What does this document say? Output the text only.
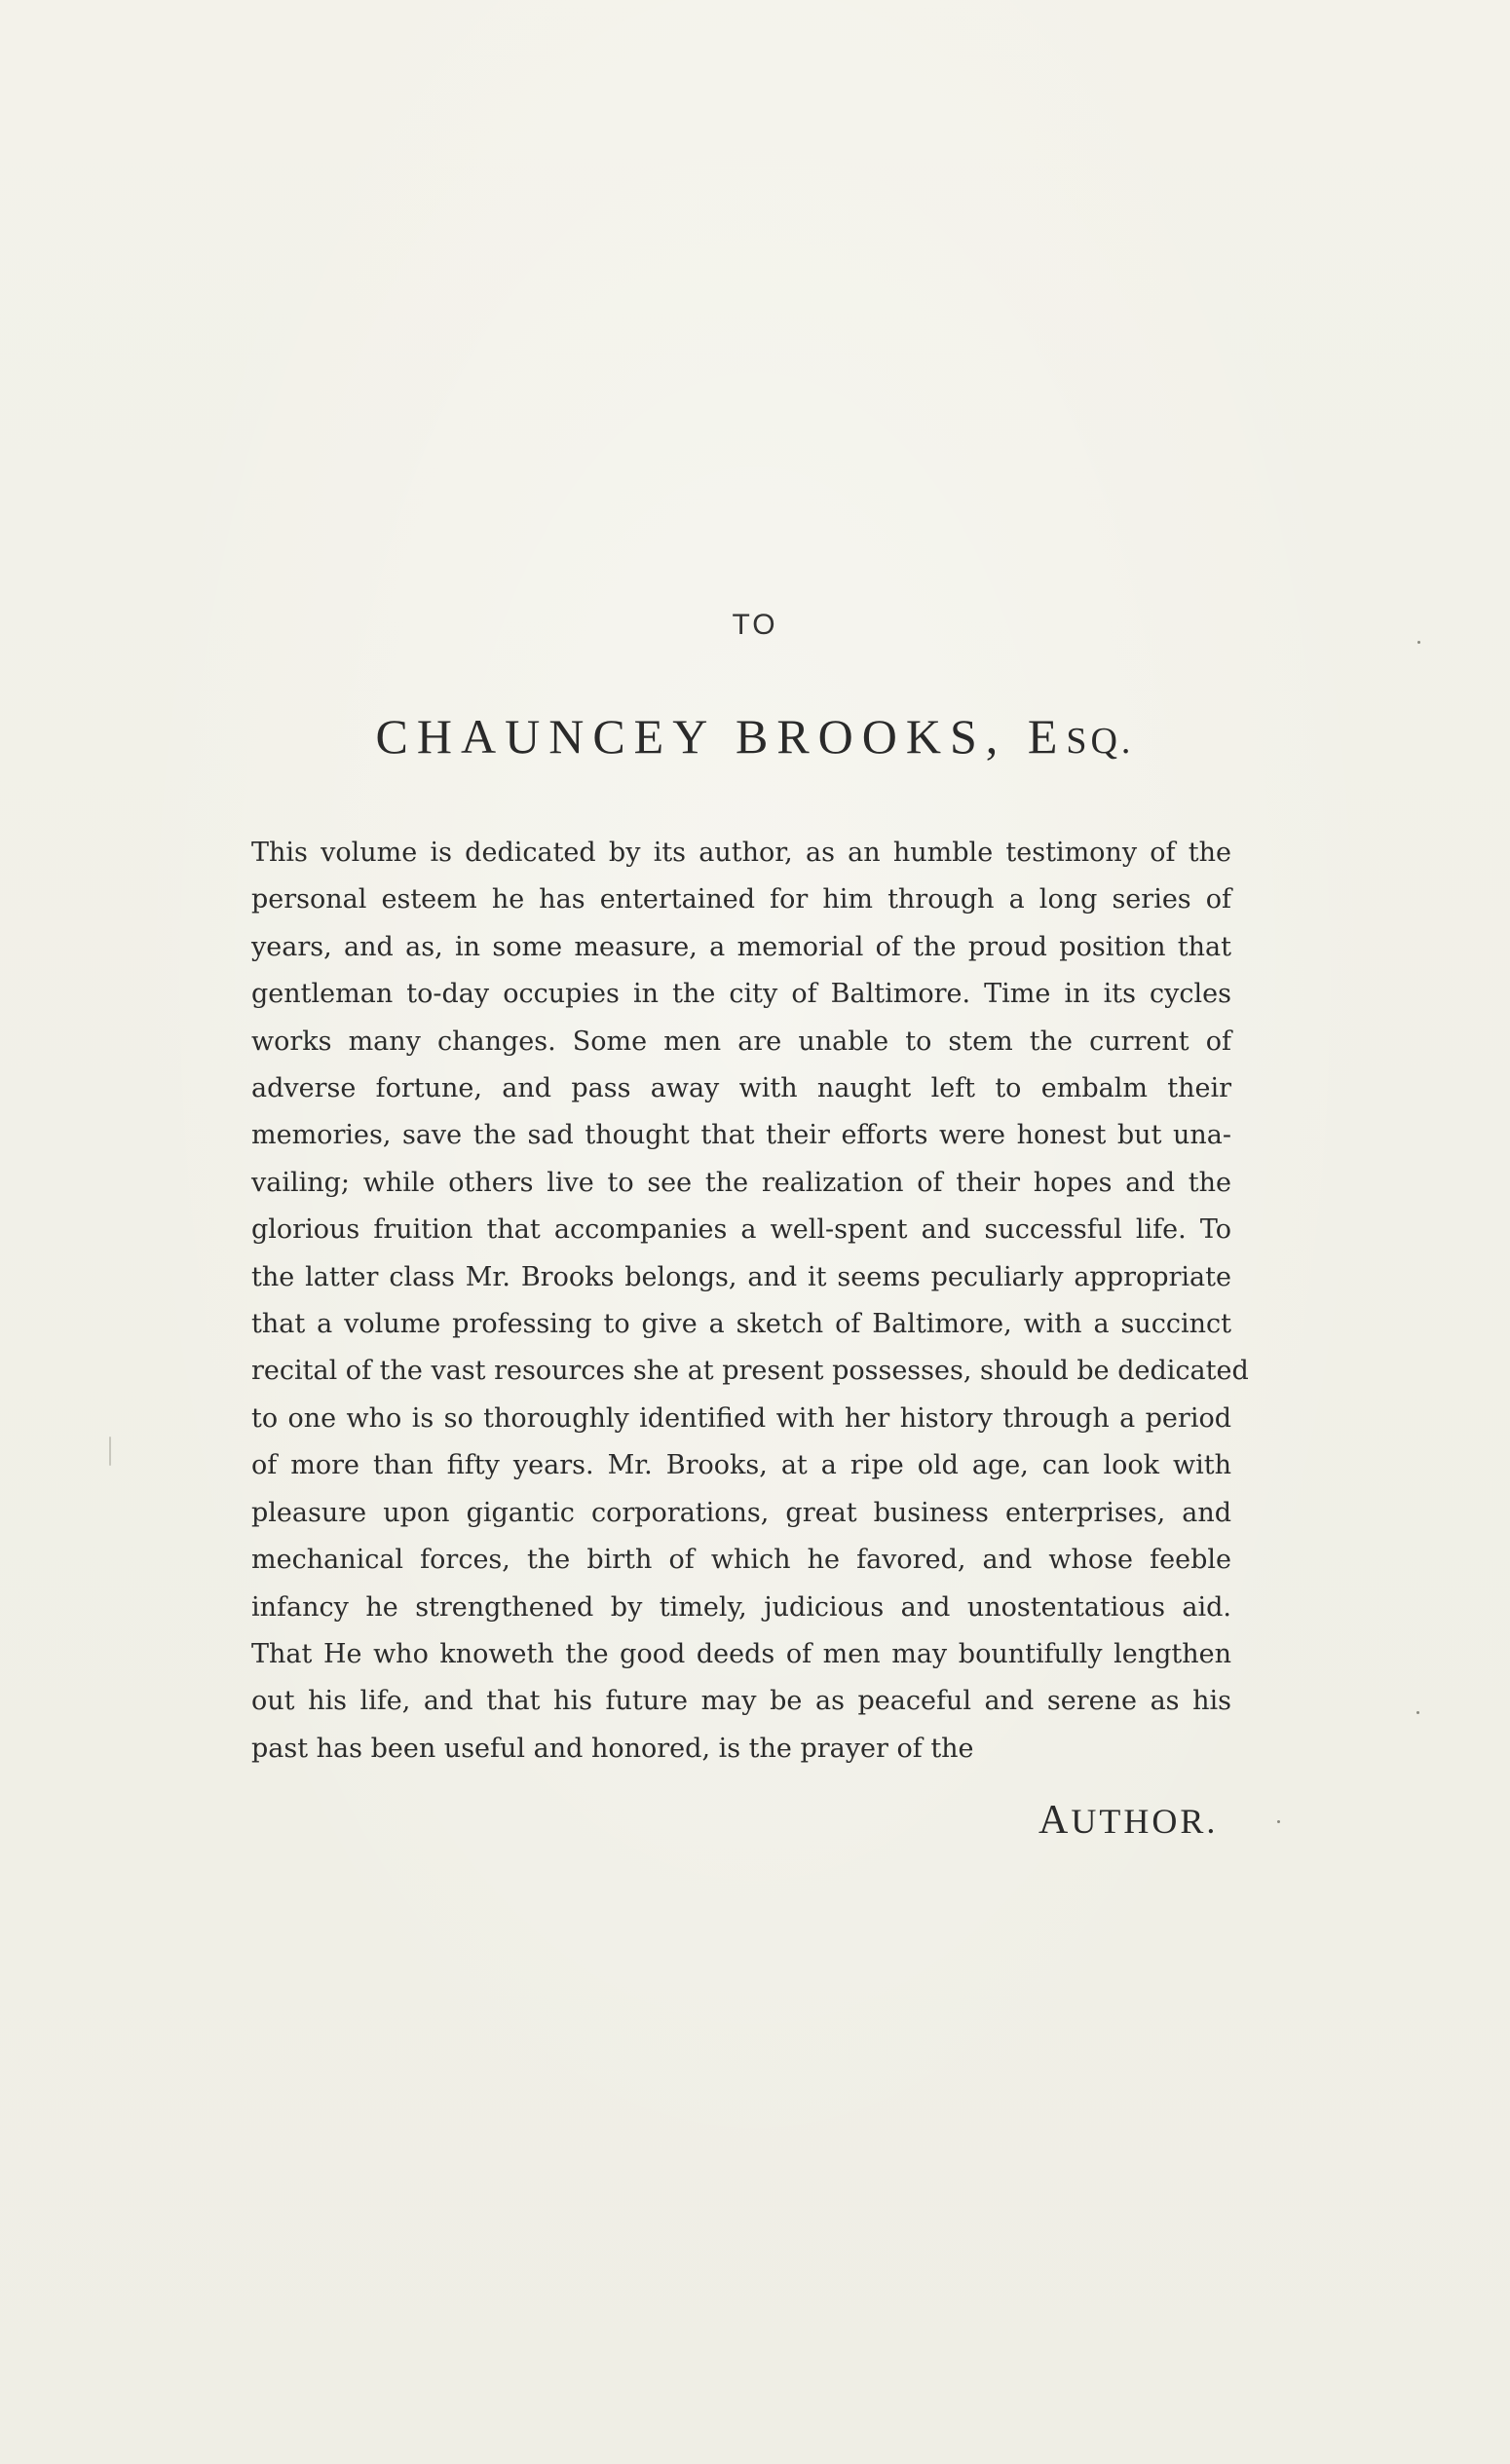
TO
CHAUNCEY BROOKS, ESQ.

This volume is dedicated by its author, as an humble testimony of the
personal esteem he has entertained for him through a long series of
years, and as, in some measure, a memorial of the proud position that
gentleman to-day occupies in the city of Baltimore. Time in its cycles
works many changes. Some men are unable to stem the current of
adverse fortune, and pass away with naught left to embalm their
memories, save the sad thought that their efforts were honest but una-
vailing; while others live to see the realization of their hopes and the
glorious fruition that accompanies a well-spent and successful life. To
the latter class Mr. Brooks belongs, and it seems peculiarly appropriate
that a volume professing to give a sketch of Baltimore, with a succinct
recital of the vast resources she at present possesses, should be dedicated
to one who is so thoroughly identified with her history through a period
of more than fifty years. Mr. Brooks, at a ripe old age, can look with
pleasure upon gigantic corporations, great business enterprises, and
mechanical forces, the birth of which he favored, and whose feeble
infancy he strengthened by timely, judicious and unostentatious aid.
That He who knoweth the good deeds of men may bountifully lengthen
out his life, and that his future may be as peaceful and serene as his
past has been useful and honored, is the prayer of the

AUTHOR.
